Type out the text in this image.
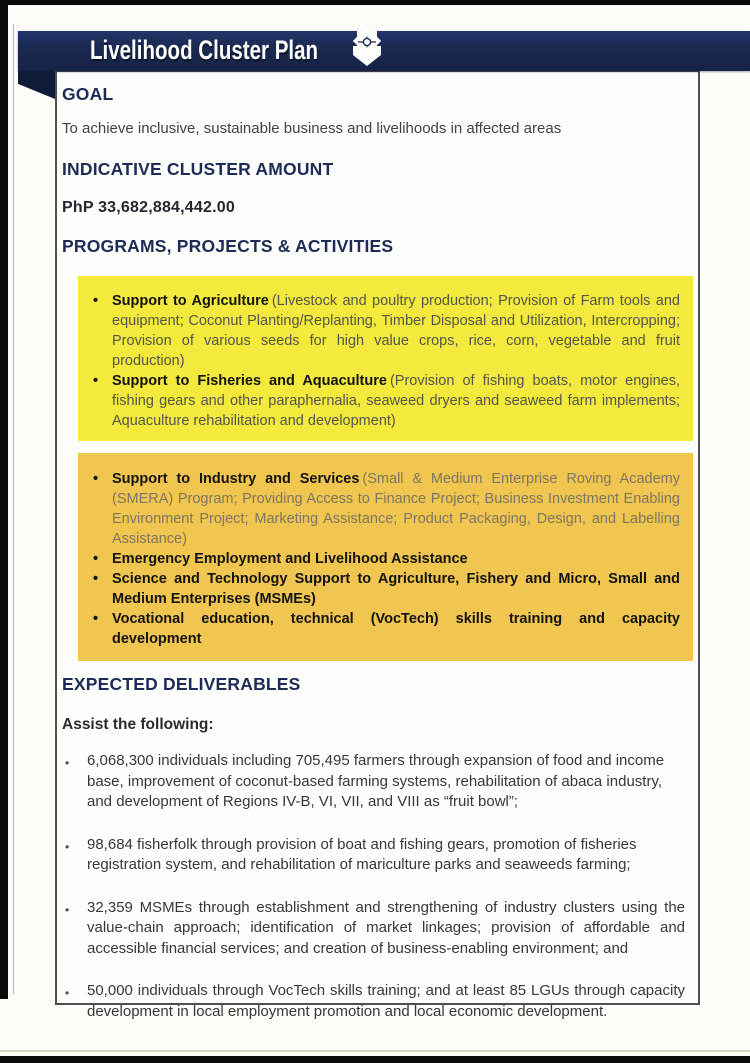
GOAL
To achieve inclusive, sustainable business and livelihoods in affected areas
INDICATIVE CLUSTER AMOUNT
PhP 33,682,884,442.00
PROGRAMS, PROJECTS & ACTIVITIES
• Support to Agriculture (Livestock and poultry production; Provision of Farm tools and equipment; Coconut Planting/Replanting, Timber Disposal and Utilization, Intercropping; Provision of various seeds for high value crops, rice, corn, vegetable and fruit production)
• Support to Fisheries and Aquaculture (Provision of fishing boats, motor engines, fishing gears and other paraphernalia, seaweed dryers and seaweed farm implements; Aquaculture rehabilitation and development)
• Support to Industry and Services (Small & Medium Enterprise Roving Academy (SMERA) Program; Providing Access to Finance Project; Business Investment Enabling Environment Project; Marketing Assistance; Product Packaging, Design, and Labelling Assistance)
• Emergency Employment and Livelihood Assistance
• Science and Technology Support to Agriculture, Fishery and Micro, Small and Medium Enterprises (MSMEs)
• Vocational education, technical (VocTech) skills training and capacity development
EXPECTED DELIVERABLES
Assist the following:
•	6,068,300 individuals including 705,495 farmers through expansion of food and income base, improvement of coconut-based farming systems, rehabilitation of abaca industry, and development of Regions IV-B, VI, VII, and VIII as “fruit bowl”;
•	98,684 fisherfolk through provision of boat and fishing gears, promotion of fisheries registration system, and rehabilitation of mariculture parks and seaweeds farming;
•	32,359 MSMEs through establishment and strengthening of industry clusters using the value-chain approach; identification of market linkages; provision of affordable and accessible financial services; and creation of business-enabling environment; and
•	50,000 individuals through VocTech skills training; and at least 85 LGUs through capacity development in local employment promotion and local economic development.
Livelihood Cluster Plan
